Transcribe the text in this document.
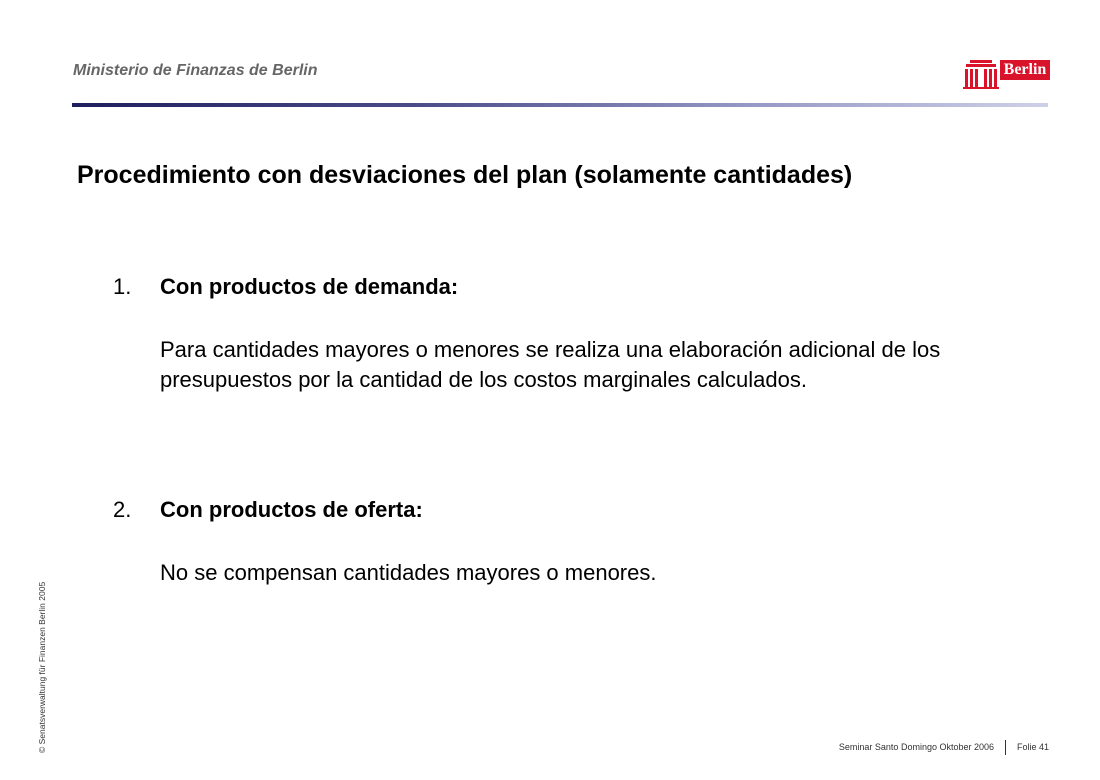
Ministerio de Finanzas de Berlin	Berlin
Procedimiento con desviaciones del plan (solamente cantidades)
1.	Con productos de demanda:
Para cantidades mayores o menores se realiza una elaboración adicional de los presupuestos por la cantidad de los costos marginales calculados.
2.	Con productos de oferta:
No se compensan cantidades mayores o menores.
© Senatsverwaltung für Finanzen Berlin 2005	Seminar Santo Domingo Oktober 2006	Folie 41
